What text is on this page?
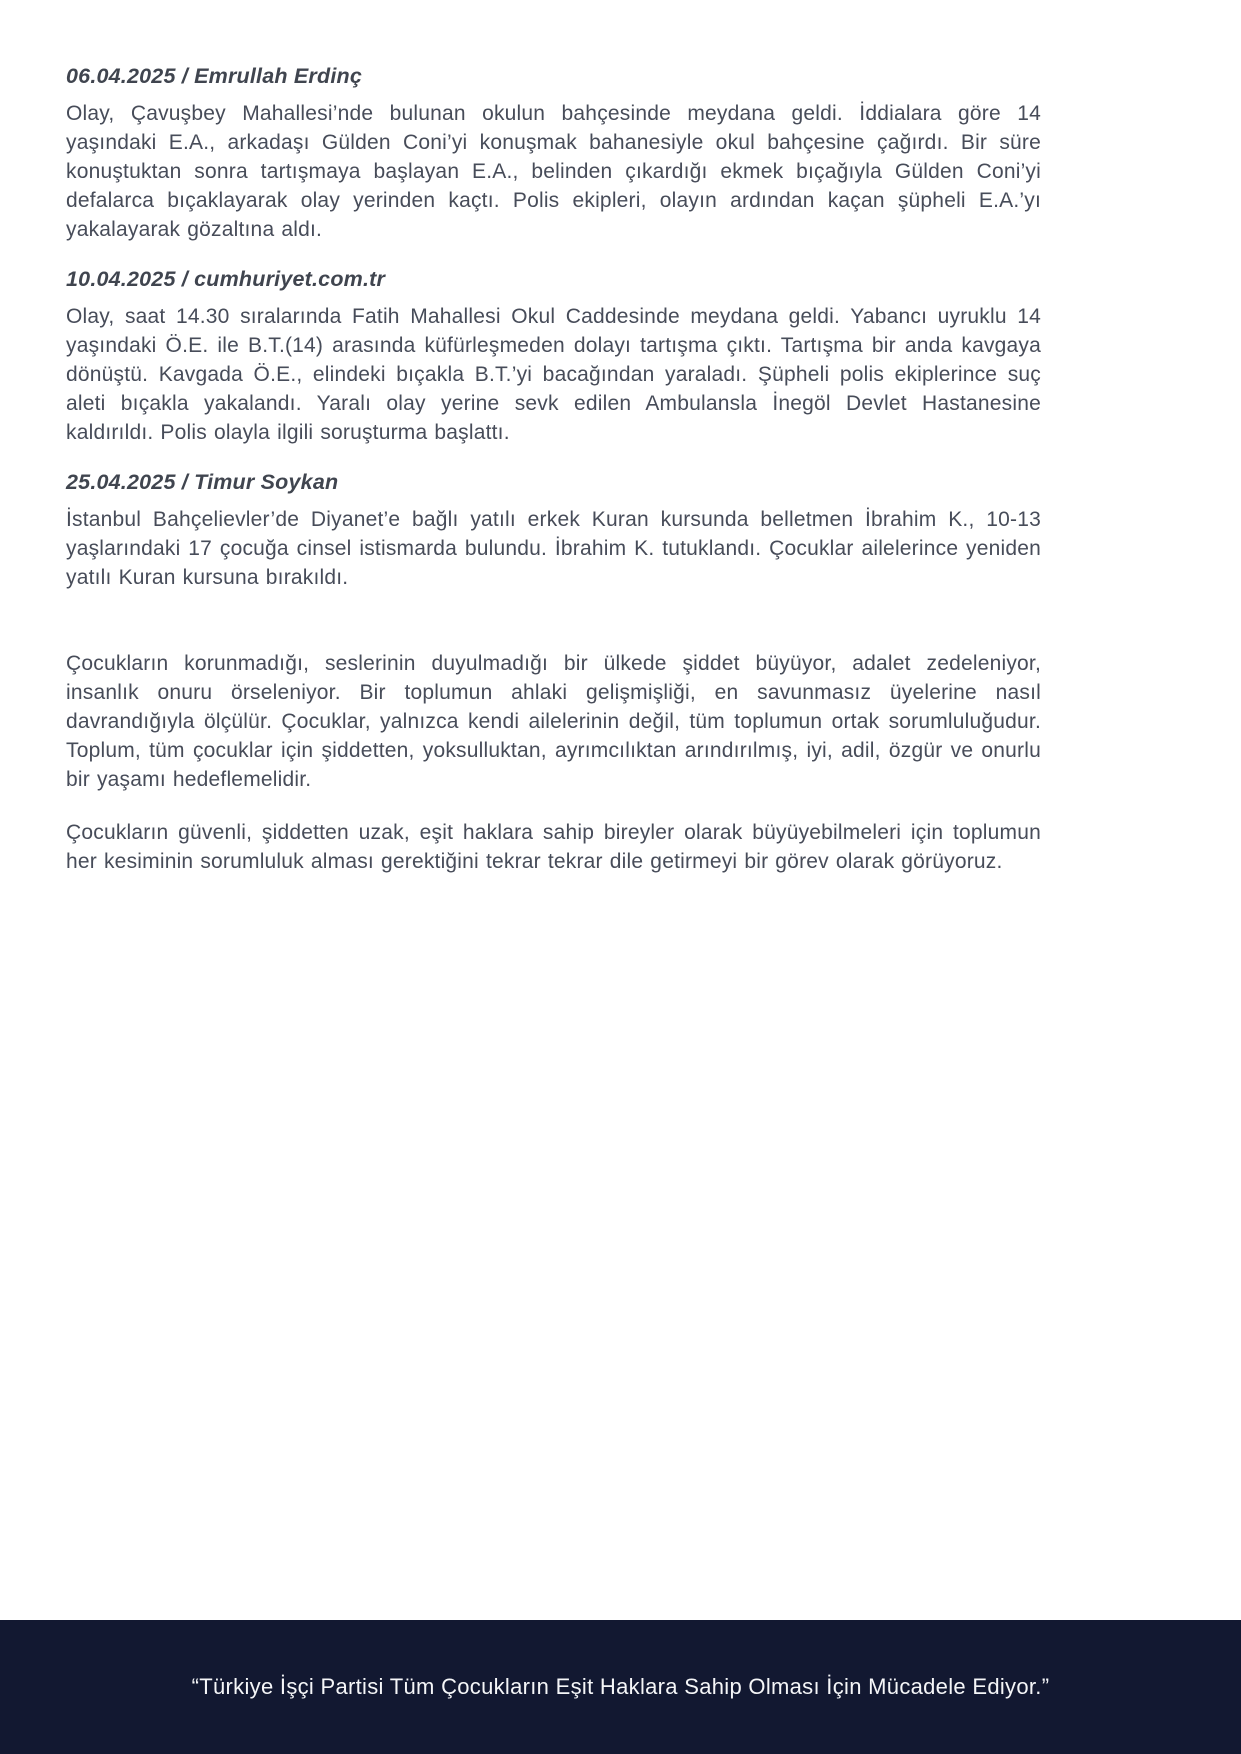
06.04.2025 / Emrullah Erdinç

Olay, Çavuşbey Mahallesi’nde bulunan okulun bahçesinde meydana geldi. İddialara göre 14 yaşındaki E.A., arkadaşı Gülden Coni’yi konuşmak bahanesiyle okul bahçesine çağırdı. Bir süre konuştuktan sonra tartışmaya başlayan E.A., belinden çıkardığı ekmek bıçağıyla Gülden Coni’yi defalarca bıçaklayarak olay yerinden kaçtı. Polis ekipleri, olayın ardından kaçan şüpheli E.A.’yı yakalayarak gözaltına aldı.

10.04.2025 / cumhuriyet.com.tr

Olay, saat 14.30 sıralarında Fatih Mahallesi Okul Caddesinde meydana geldi. Yabancı uyruklu 14 yaşındaki Ö.E. ile B.T.(14) arasında küfürleşmeden dolayı tartışma çıktı. Tartışma bir anda kavgaya dönüştü. Kavgada Ö.E., elindeki bıçakla B.T.’yi bacağından yaraladı. Şüpheli polis ekiplerince suç aleti bıçakla yakalandı. Yaralı olay yerine sevk edilen Ambulansla İnegöl Devlet Hastanesine kaldırıldı. Polis olayla ilgili soruşturma başlattı.

25.04.2025 / Timur Soykan

İstanbul Bahçelievler’de Diyanet’e bağlı yatılı erkek Kuran kursunda belletmen İbrahim K., 10-13 yaşlarındaki 17 çocuğa cinsel istismarda bulundu. İbrahim K. tutuklandı. Çocuklar ailelerince yeniden yatılı Kuran kursuna bırakıldı.

Çocukların korunmadığı, seslerinin duyulmadığı bir ülkede şiddet büyüyor, adalet zedeleniyor, insanlık onuru örseleniyor. Bir toplumun ahlaki gelişmişliği, en savunmasız üyelerine nasıl davrandığıyla ölçülür. Çocuklar, yalnızca kendi ailelerinin değil, tüm toplumun ortak sorumluluğudur. Toplum, tüm çocuklar için şiddetten, yoksulluktan, ayrımcılıktan arındırılmış, iyi, adil, özgür ve onurlu bir yaşamı hedeflemelidir.

Çocukların güvenli, şiddetten uzak, eşit haklara sahip bireyler olarak büyüyebilmeleri için toplumun her kesiminin sorumluluk alması gerektiğini tekrar tekrar dile getirmeyi bir görev olarak görüyoruz.

“Türkiye İşçi Partisi Tüm Çocukların Eşit Haklara Sahip Olması İçin Mücadele Ediyor.”
